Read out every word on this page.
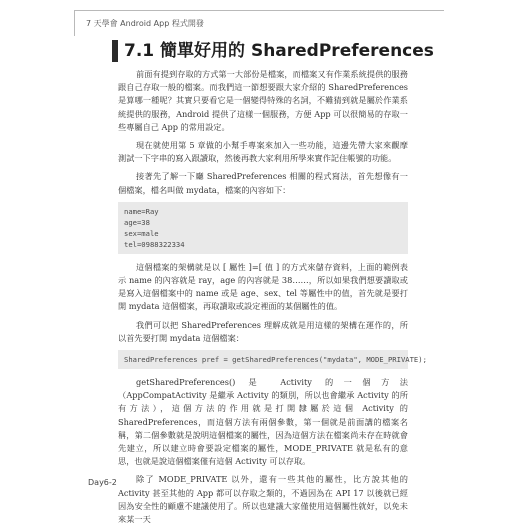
7 天學會 Android App 程式開發
7.1 簡單好用的 SharedPreferences

前面有提到存取的方式第一大部份是檔案，而檔案又有作業系統提供的服務跟自己存取一般的檔案。而我們這一節想要跟大家介紹的 SharedPreferences 是算哪一種呢？其實只要看它是一個變得特殊的名詞，不難猜到就是屬於作業系統提供的服務，Android 提供了這樣一個服務，方便 App 可以很簡易的存取一些專屬自己 App 的常用設定。

現在就使用第 5 章做的小幫手專案來加入一些功能，這邊先帶大家來觀摩測試一下字串的寫入跟讀取，然後再教大家利用所學來實作記住帳號的功能。

接著先了解一下廳 SharedPreferences 相關的程式寫法，首先想像有一個檔案，檔名叫做 mydata，檔案的內容如下：

name=Ray
age=38
sex=male
tel=0988322334

這個檔案的架構就是以 [ 屬性 ]=[ 值 ] 的方式來儲存資料，上面的範例表示 name 的內容就是 ray，age 的內容就是 38……，所以如果我們想要讀取或是寫入這個檔案中的 name 或是 age、sex、tel 等屬性中的值，首先就是要打開 mydata 這個檔案，再取讀取或設定裡面的某個屬性的值。

我們可以把 SharedPreferences 理解成就是用這樣的架構在運作的，所以首先要打開 mydata 這個檔案：

SharedPreferences pref = getSharedPreferences("mydata", MODE_PRIVATE);

getSharedPreferences() 是 Activity 的一個方法（AppCompatActivity 是繼承 Activity 的類別，所以也會繼承 Activity 的所有方法），這個方法的作用就是打開隸屬於這個 Activity 的 SharedPreferences，而這個方法有兩個參數，第一個就是前面講的檔案名稱，第二個參數就是說明這個檔案的屬性，因為這個方法在檔案尚未存在時就會先建立，所以建立時會要設定檔案的屬性，MODE_PRIVATE 就是私有的意思，也就是說這個檔案僅有這個 Activity 可以存取。

除了 MODE_PRIVATE 以外，還有一些其他的屬性，比方說其他的 Activity 甚至其他的 App 都可以存取之類的，不過因為在 API 17 以後就已經因為安全性的顧慮不建議使用了。所以也建議大家僅使用這個屬性就好，以免未來某一天

Day6-2
